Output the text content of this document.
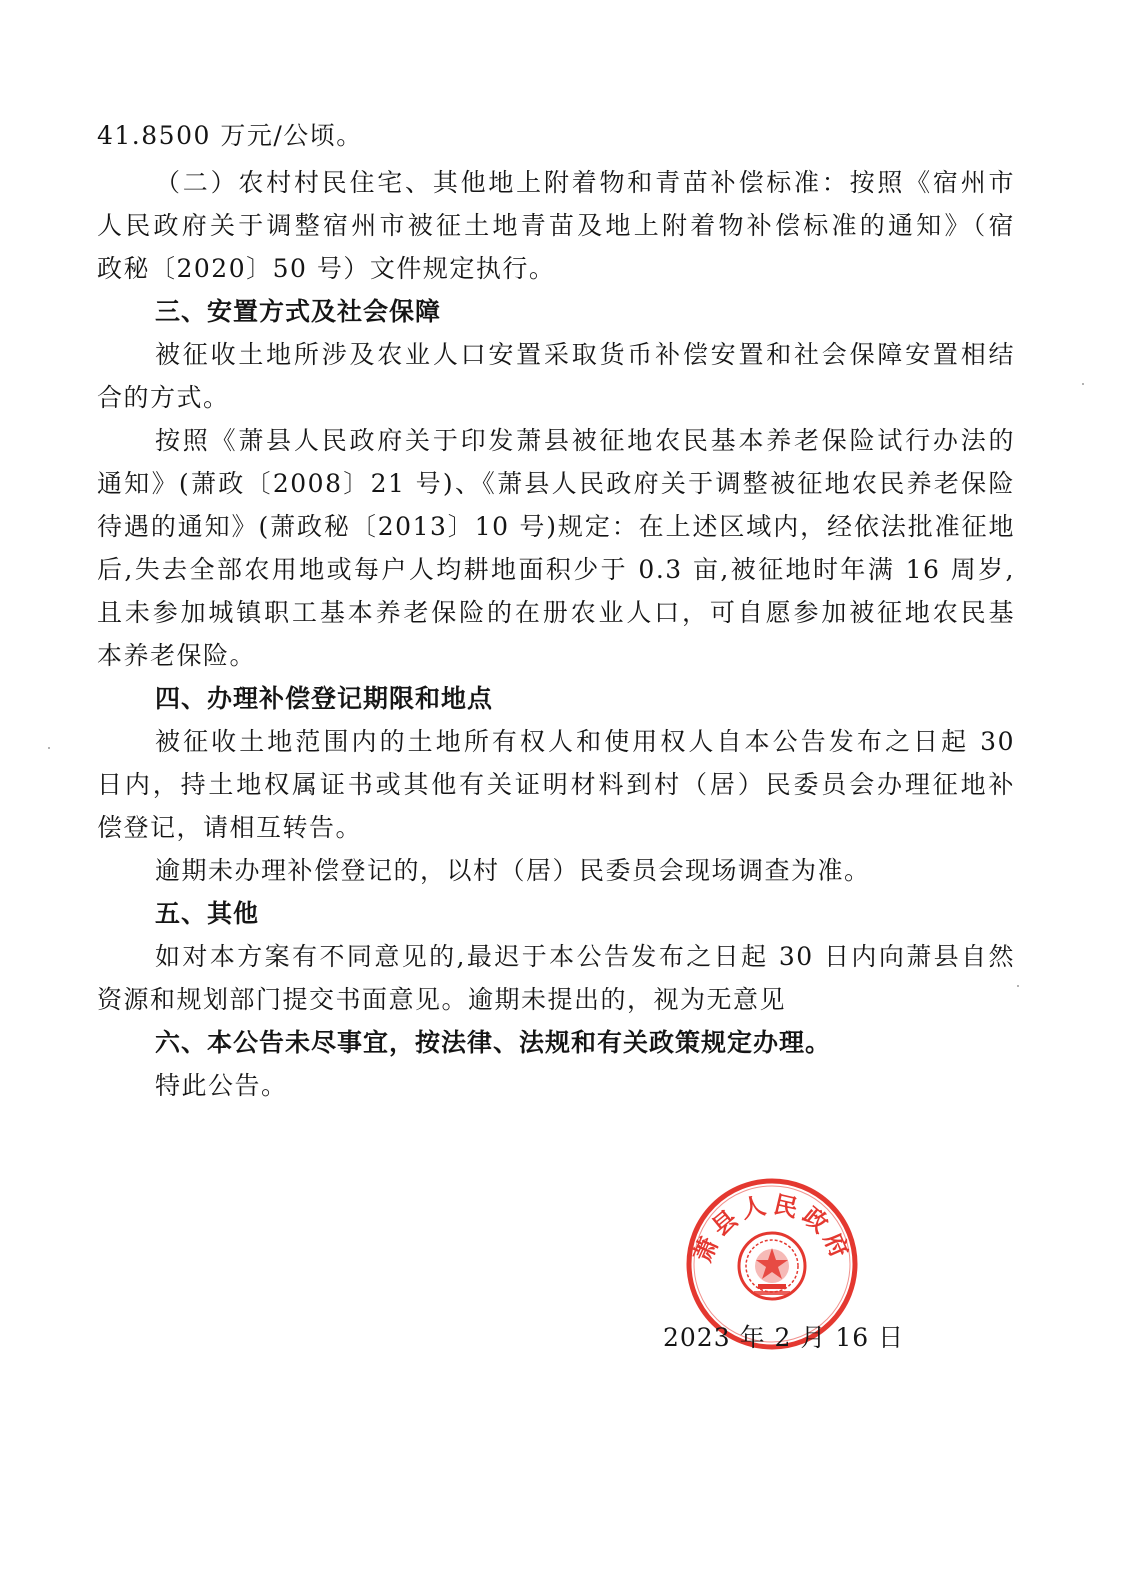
41.8500 万元/公顷。
（二）农村村民住宅、其他地上附着物和青苗补偿标准：按照《宿州市
人民政府关于调整宿州市被征土地青苗及地上附着物补偿标准的通知》（宿
政秘〔2020〕50 号）文件规定执行。
三、安置方式及社会保障
被征收土地所涉及农业人口安置采取货币补偿安置和社会保障安置相结
合的方式。
按照《萧县人民政府关于印发萧县被征地农民基本养老保险试行办法的
通知》(萧政〔2008〕21 号)、《萧县人民政府关于调整被征地农民养老保险
待遇的通知》(萧政秘〔2013〕10 号)规定：在上述区域内，经依法批准征地
后,失去全部农用地或每户人均耕地面积少于 0.3 亩,被征地时年满 16 周岁,
且未参加城镇职工基本养老保险的在册农业人口，可自愿参加被征地农民基
本养老保险。
四、办理补偿登记期限和地点
被征收土地范围内的土地所有权人和使用权人自本公告发布之日起 30
日内，持土地权属证书或其他有关证明材料到村（居）民委员会办理征地补
偿登记，请相互转告。
逾期未办理补偿登记的，以村（居）民委员会现场调查为准。
五、其他
如对本方案有不同意见的,最迟于本公告发布之日起 30 日内向萧县自然
资源和规划部门提交书面意见。逾期未提出的，视为无意见
六、本公告未尽事宜，按法律、法规和有关政策规定办理。
特此公告。
萧县人民政府
2023 年 2 月 16 日
